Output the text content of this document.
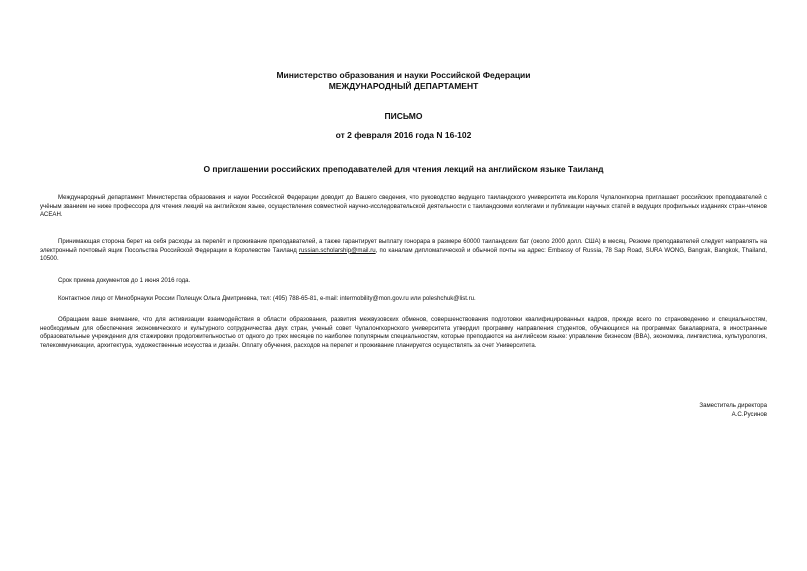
Министерство образования и науки Российской Федерации
МЕЖДУНАРОДНЫЙ ДЕПАРТАМЕНТ

ПИСЬМО

от 2 февраля 2016 года N 16-102

О приглашении российских преподавателей для чтения лекций на английском языке Таиланд

Международный департамент Министерства образования и науки Российской Федерации доводит до Вашего сведения, что руководство ведущего таиландского университета им.Короля Чулалонгкорна приглашает российских преподавателей с учёным званием не ниже профессора для чтения лекций на английском языке, осуществления совместной научно-исследовательской деятельности с таиландскими коллегами и публикации научных статей в ведущих профильных изданиях стран-членов АСЕАН.

Принимающая сторона берет на себя расходы за перелёт и проживание преподавателей, а также гарантирует выплату гонорара в размере 60000 таиландских бат (около 2000 долл. США) в месяц. Резюме преподавателей следует направлять на электронный почтовый ящик Посольства Российской Федерации в Королевстве Таиланд russian.scholarship@mail.ru, по каналам дипломатической и обычной почты на адрес: Embassy of Russia, 78 Sap Road, SURA WONG, Bangrak, Bangkok, Thailand, 10500.

Срок приема документов до 1 июня 2016 года.

Контактное лицо от Минобрнауки России Полещук Ольга Дмитриевна, тел: (495) 788-65-81, e-mail: intermobility@mon.gov.ru или poleshchuk@list.ru.

Обращаем ваше внимание, что для активизации взаимодействия в области образования, развития межвузовских обменов, совершенствования подготовки квалифицированных кадров, прежде всего по страноведению и специальностям, необходимым для обеспечения экономического и культурного сотрудничества двух стран, ученый совет Чулалонгкорнского университета утвердил программу направления студентов, обучающихся на программах бакалавриата, в иностранные образовательные учреждения для стажировки продолжительностью от одного до трех месяцев по наиболее популярным специальностям, которые преподаются на английском языке: управление бизнесом (BBA), экономика, лингвистика, культурология, телекоммуникации, архитектура, художественные искусства и дизайн. Оплату обучения, расходов на перелет и проживание планируется осуществлять за счет Университета.

Заместитель директора
А.С.Русинов
